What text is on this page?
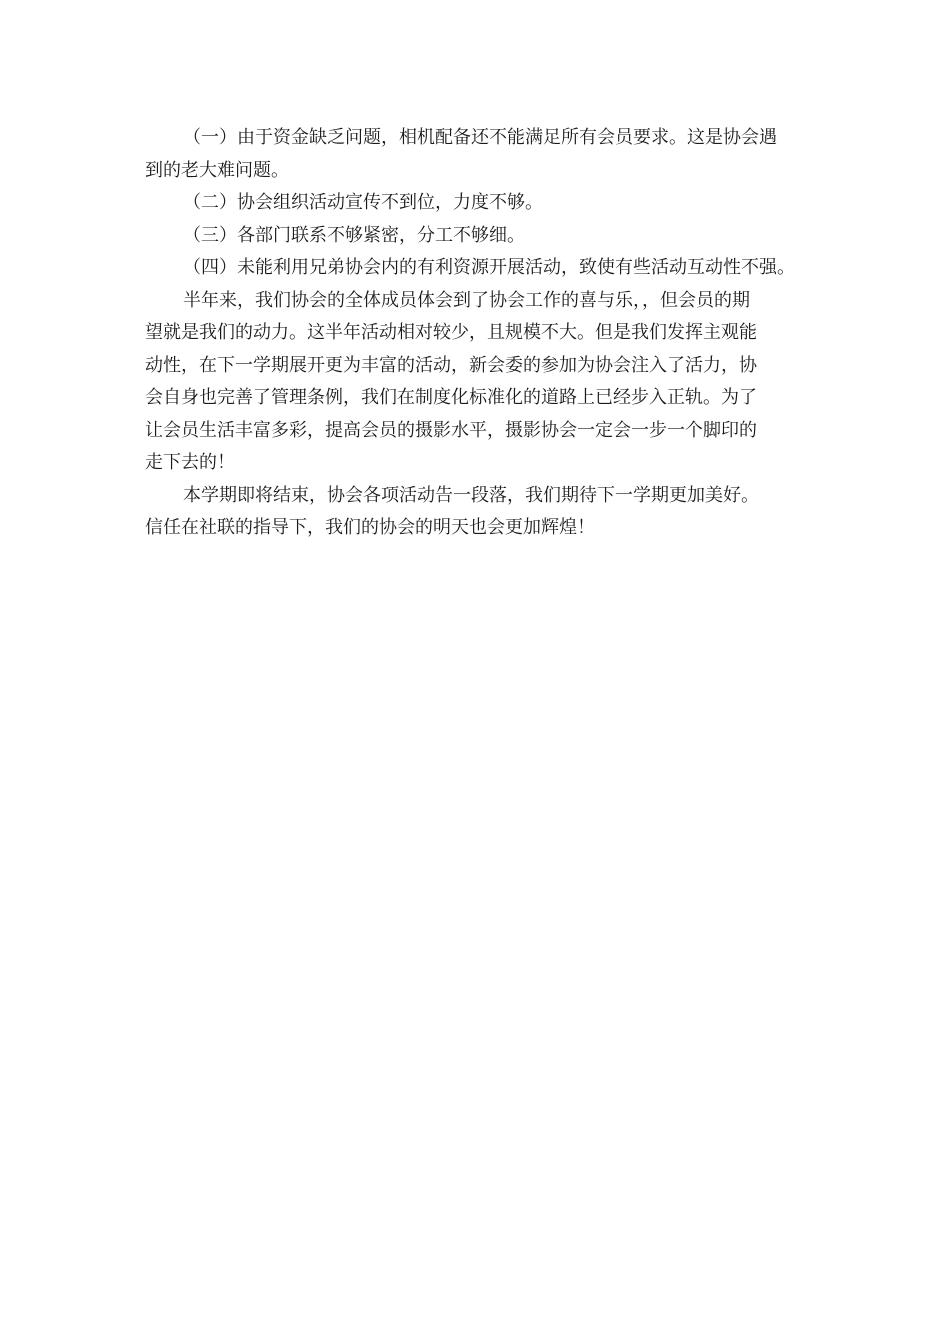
（一）由于资金缺乏问题，相机配备还不能满足所有会员要求。这是协会遇
到的老大难问题。
（二）协会组织活动宣传不到位，力度不够。
（三）各部门联系不够紧密，分工不够细。
（四）未能利用兄弟协会内的有利资源开展活动，致使有些活动互动性不强。
半年来，我们协会的全体成员体会到了协会工作的喜与乐，，但会员的期
望就是我们的动力。这半年活动相对较少，且规模不大。但是我们发挥主观能
动性，在下一学期展开更为丰富的活动，新会委的参加为协会注入了活力，协
会自身也完善了管理条例，我们在制度化标准化的道路上已经步入正轨。为了
让会员生活丰富多彩，提高会员的摄影水平，摄影协会一定会一步一个脚印的
走下去的！
本学期即将结束，协会各项活动告一段落，我们期待下一学期更加美好。
信任在社联的指导下，我们的协会的明天也会更加辉煌！
